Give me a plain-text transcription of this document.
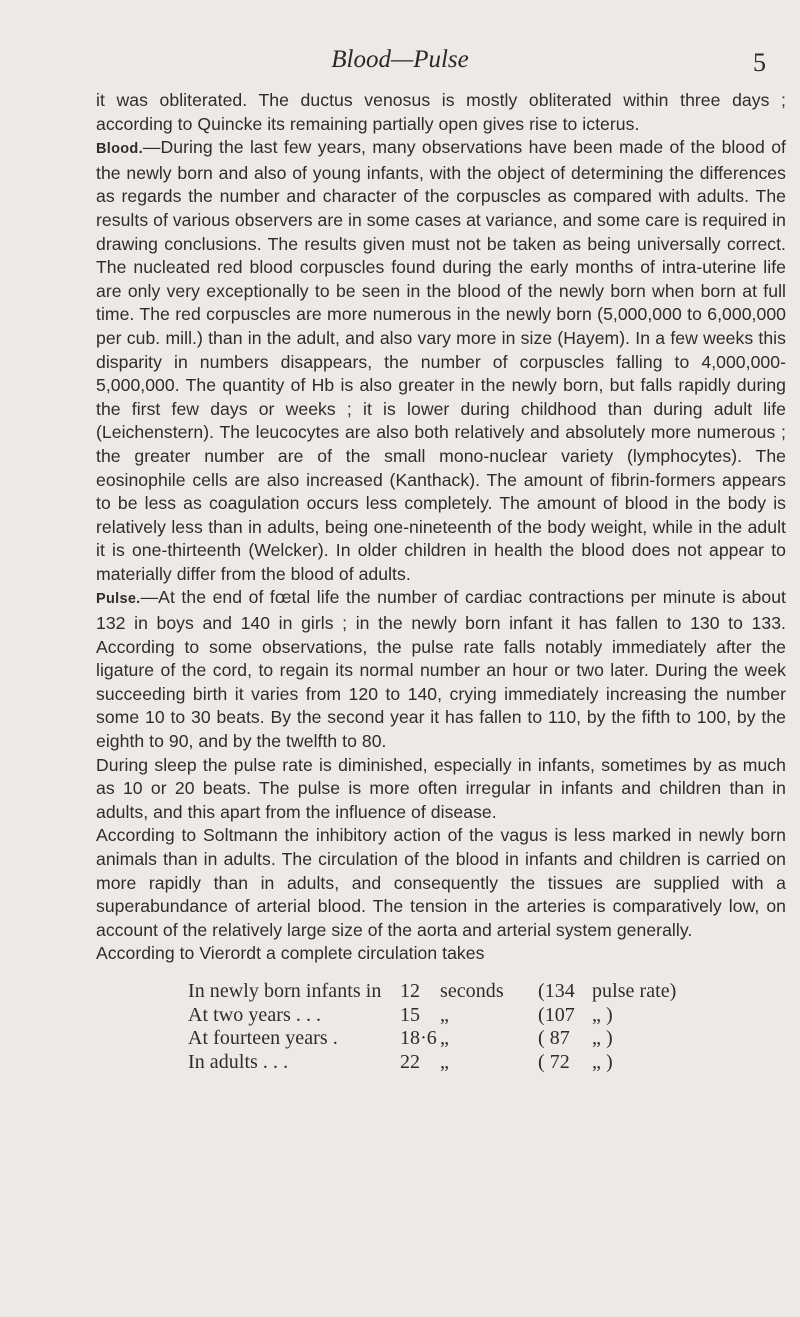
Blood—Pulse	5

it was obliterated. The ductus venosus is mostly obliterated within three days ; according to Quincke its remaining partially open gives rise to icterus.

Blood.—During the last few years, many observations have been made of the blood of the newly born and also of young infants, with the object of determining the differences as regards the number and character of the corpuscles as compared with adults. The results of various observers are in some cases at variance, and some care is required in drawing conclusions. The results given must not be taken as being universally correct. The nucleated red blood corpuscles found during the early months of intra-uterine life are only very exceptionally to be seen in the blood of the newly born when born at full time. The red corpuscles are more numerous in the newly born (5,000,000 to 6,000,000 per cub. mill.) than in the adult, and also vary more in size (Hayem). In a few weeks this disparity in numbers disappears, the number of corpuscles falling to 4,000,000-5,000,000. The quantity of Hb is also greater in the newly born, but falls rapidly during the first few days or weeks ; it is lower during childhood than during adult life (Leichenstern). The leucocytes are also both relatively and absolutely more numerous ; the greater number are of the small mono-nuclear variety (lymphocytes). The eosinophile cells are also increased (Kanthack). The amount of fibrin-formers appears to be less as coagulation occurs less completely. The amount of blood in the body is relatively less than in adults, being one-nineteenth of the body weight, while in the adult it is one-thirteenth (Welcker). In older children in health the blood does not appear to materially differ from the blood of adults.

Pulse.—At the end of fœtal life the number of cardiac contractions per minute is about 132 in boys and 140 in girls ; in the newly born infant it has fallen to 130 to 133. According to some observations, the pulse rate falls notably immediately after the ligature of the cord, to regain its normal number an hour or two later. During the week succeeding birth it varies from 120 to 140, crying immediately increasing the number some 10 to 30 beats. By the second year it has fallen to 110, by the fifth to 100, by the eighth to 90, and by the twelfth to 80.

During sleep the pulse rate is diminished, especially in infants, sometimes by as much as 10 or 20 beats. The pulse is more often irregular in infants and children than in adults, and this apart from the influence of disease.

According to Soltmann the inhibitory action of the vagus is less marked in newly born animals than in adults. The circulation of the blood in infants and children is carried on more rapidly than in adults, and consequently the tissues are supplied with a superabundance of arterial blood. The tension in the arteries is comparatively low, on account of the relatively large size of the aorta and arterial system generally.

According to Vierordt a complete circulation takes

In newly born infants in	12	seconds	(134	pulse rate)
At two years . . .	15	„	(107	„ )
At fourteen years .	18·6	„	( 87	„ )
In adults . . .	22	„	( 72	„ )
